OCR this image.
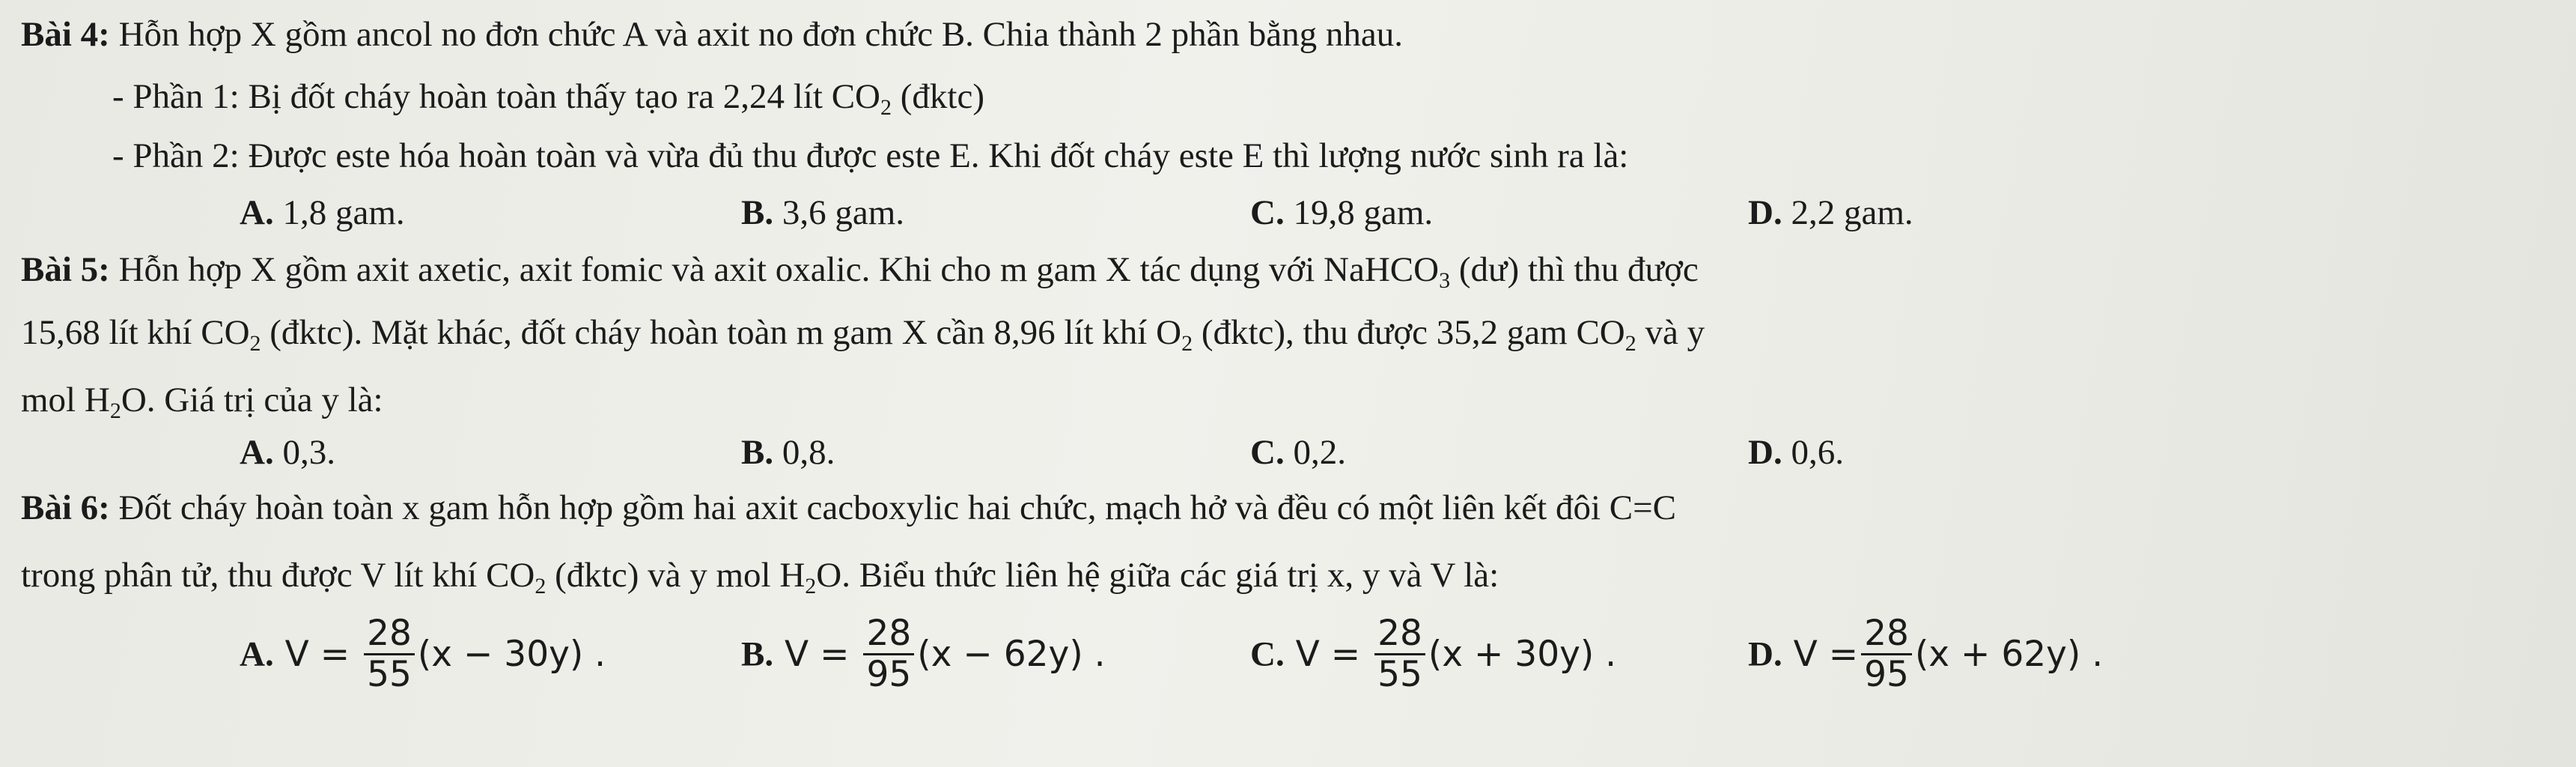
Bài 4: Hỗn hợp X gồm ancol no đơn chức A và axit no đơn chức B. Chia thành 2 phần bằng nhau.
- Phần 1: Bị đốt cháy hoàn toàn thấy tạo ra 2,24 lít $CO_2$ (đktc)
- Phần 2: Được este hóa hoàn toàn và vừa đủ thu được este E. Khi đốt cháy este E thì lượng nước sinh ra là:
A. 1,8 gam.	B. 3,6 gam.	C. 19,8 gam.	D. 2,2 gam.
Bài 5: Hỗn hợp X gồm axit axetic, axit fomic và axit oxalic. Khi cho m gam X tác dụng với NaHCO$_3$ (dư) thì thu được
15,68 lít khí $CO_2$ (đktc). Mặt khác, đốt cháy hoàn toàn m gam X cần 8,96 lít khí $O_2$ (đktc), thu được 35,2 gam $CO_2$ và y
mol $H_2O$. Giá trị của y là:
A. 0,3.	B. 0,8.	C. 0,2.	D. 0,6.
Bài 6: Đốt cháy hoàn toàn x gam hỗn hợp gồm hai axit cacboxylic hai chức, mạch hở và đều có một liên kết đôi C=C
trong phân tử, thu được V lít khí $CO_2$ (đktc) và y mol $H_2O$. Biểu thức liên hệ giữa các giá trị x, y và V là:
A. $V = \frac{28}{55} (x - 30y)$ .	B. $V = \frac{28}{95} (x - 62y)$ .	C. $V = \frac{28}{55} (x + 30y)$ .	D. $V = \frac{28}{95} (x + 62y)$ .
